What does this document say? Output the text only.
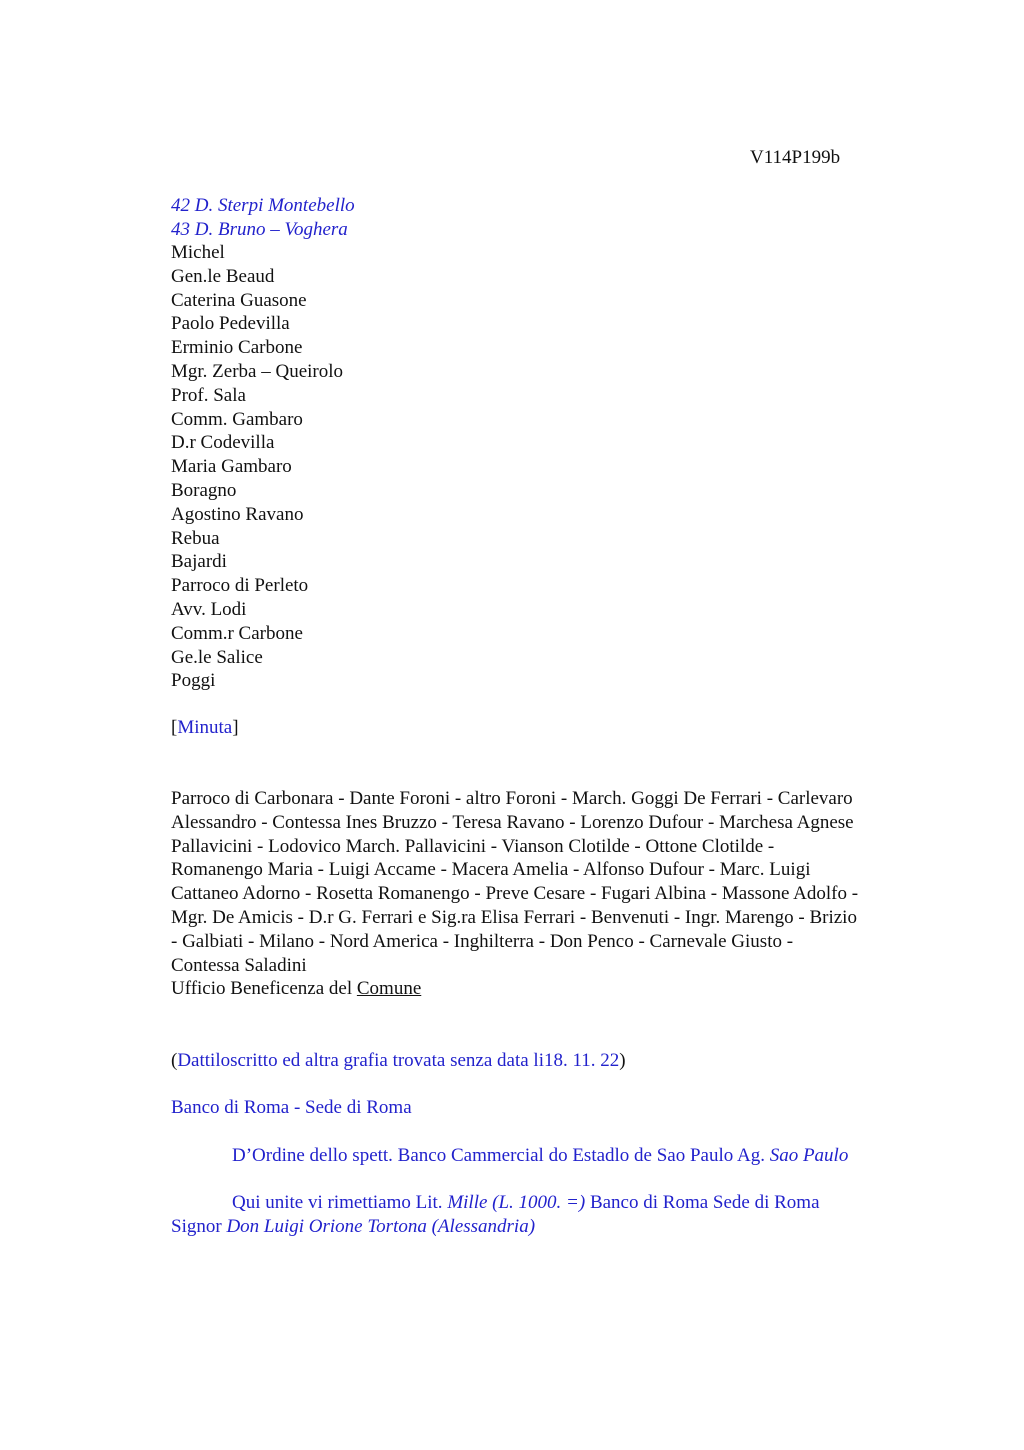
V114P199b
42 D. Sterpi Montebello
43 D. Bruno – Voghera
Michel
Gen.le Beaud
Caterina Guasone
Paolo Pedevilla
Erminio Carbone
Mgr. Zerba – Queirolo
Prof. Sala
Comm. Gambaro
D.r Codevilla
Maria Gambaro
Boragno
Agostino Ravano
Rebua
Bajardi
Parroco di Perleto
Avv. Lodi
Comm.r Carbone
Ge.le Salice
Poggi
[Minuta]
Parroco di Carbonara - Dante Foroni - altro Foroni - March. Goggi De Ferrari - Carlevaro
Alessandro - Contessa Ines Bruzzo - Teresa Ravano - Lorenzo Dufour - Marchesa Agnese
Pallavicini - Lodovico March. Pallavicini - Vianson Clotilde - Ottone Clotilde -
Romanengo Maria - Luigi Accame - Macera Amelia - Alfonso Dufour - Marc. Luigi
Cattaneo Adorno - Rosetta Romanengo - Preve Cesare - Fugari Albina - Massone Adolfo -
Mgr. De Amicis - D.r G. Ferrari e Sig.ra Elisa Ferrari - Benvenuti - Ingr. Marengo - Brizio
- Galbiati - Milano - Nord America - Inghilterra - Don Penco - Carnevale Giusto -
Contessa Saladini
Ufficio Beneficenza del Comune
(Dattiloscritto ed altra grafia trovata senza data li18. 11. 22)
Banco di Roma - Sede di Roma
D’Ordine dello spett. Banco Cammercial do Estadlo de Sao Paulo Ag. Sao Paulo
Qui unite vi rimettiamo Lit. Mille (L. 1000. =) Banco di Roma Sede di Roma
Signor Don Luigi Orione Tortona (Alessandria)
